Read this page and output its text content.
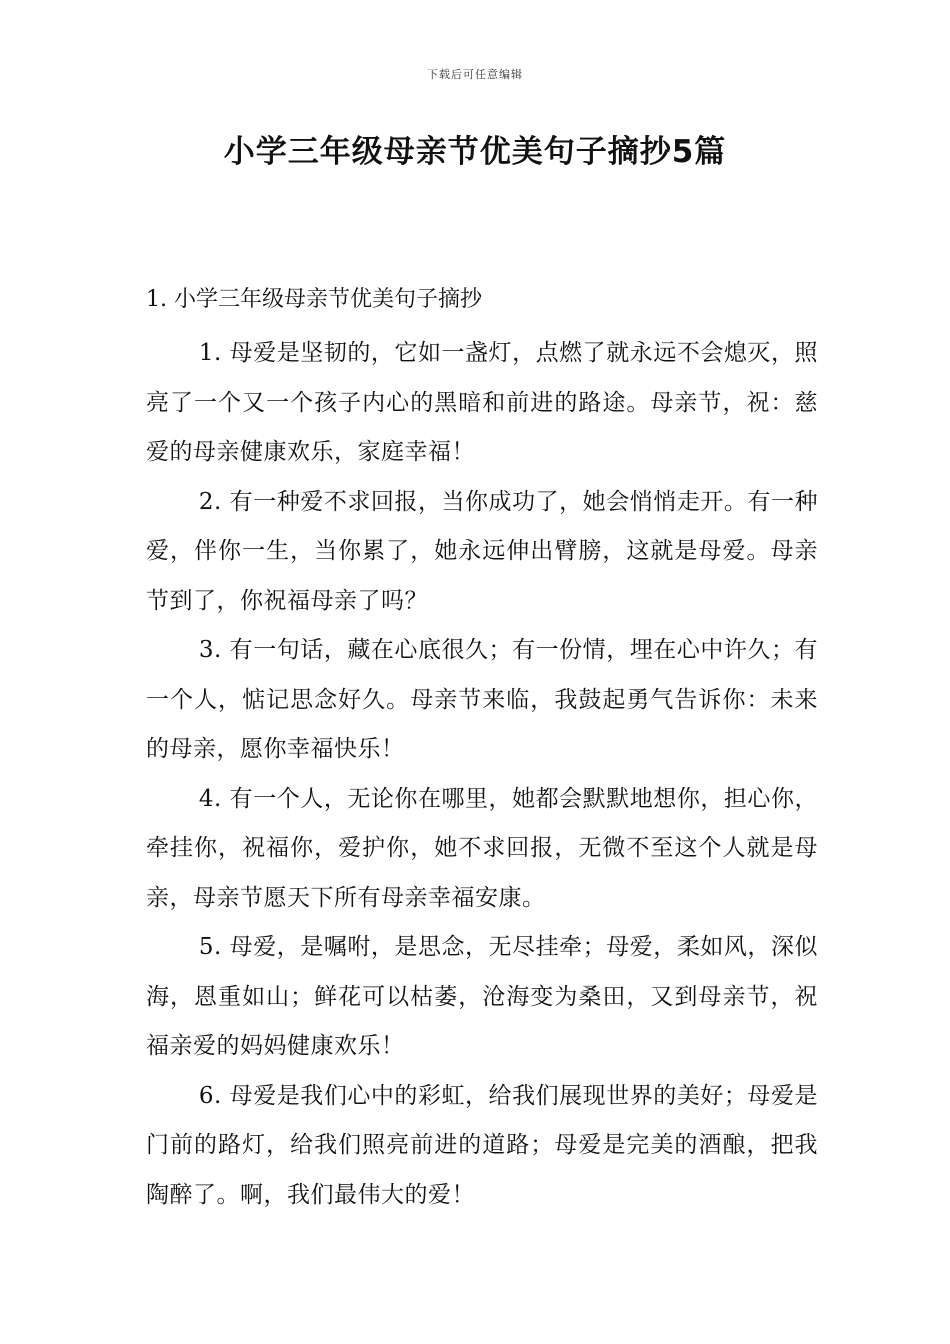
下载后可任意编辑
小学三年级母亲节优美句子摘抄5篇
1. 小学三年级母亲节优美句子摘抄

1. 母爱是坚韧的，它如一盏灯，点燃了就永远不会熄灭，照亮了一个又一个孩子内心的黑暗和前进的路途。母亲节，祝：慈爱的母亲健康欢乐，家庭幸福！

2. 有一种爱不求回报，当你成功了，她会悄悄走开。有一种爱，伴你一生，当你累了，她永远伸出臂膀，这就是母爱。母亲节到了，你祝福母亲了吗？

3. 有一句话，藏在心底很久；有一份情，埋在心中许久；有一个人，惦记思念好久。母亲节来临，我鼓起勇气告诉你：未来的母亲，愿你幸福快乐！

4. 有一个人，无论你在哪里，她都会默默地想你，担心你，牵挂你，祝福你，爱护你，她不求回报，无微不至这个人就是母亲，母亲节愿天下所有母亲幸福安康。

5. 母爱，是嘱咐，是思念，无尽挂牵；母爱，柔如风，深似海，恩重如山；鲜花可以枯萎，沧海变为桑田，又到母亲节，祝福亲爱的妈妈健康欢乐！

6. 母爱是我们心中的彩虹，给我们展现世界的美好；母爱是门前的路灯，给我们照亮前进的道路；母爱是完美的酒酿，把我陶醉了。啊，我们最伟大的爱！
